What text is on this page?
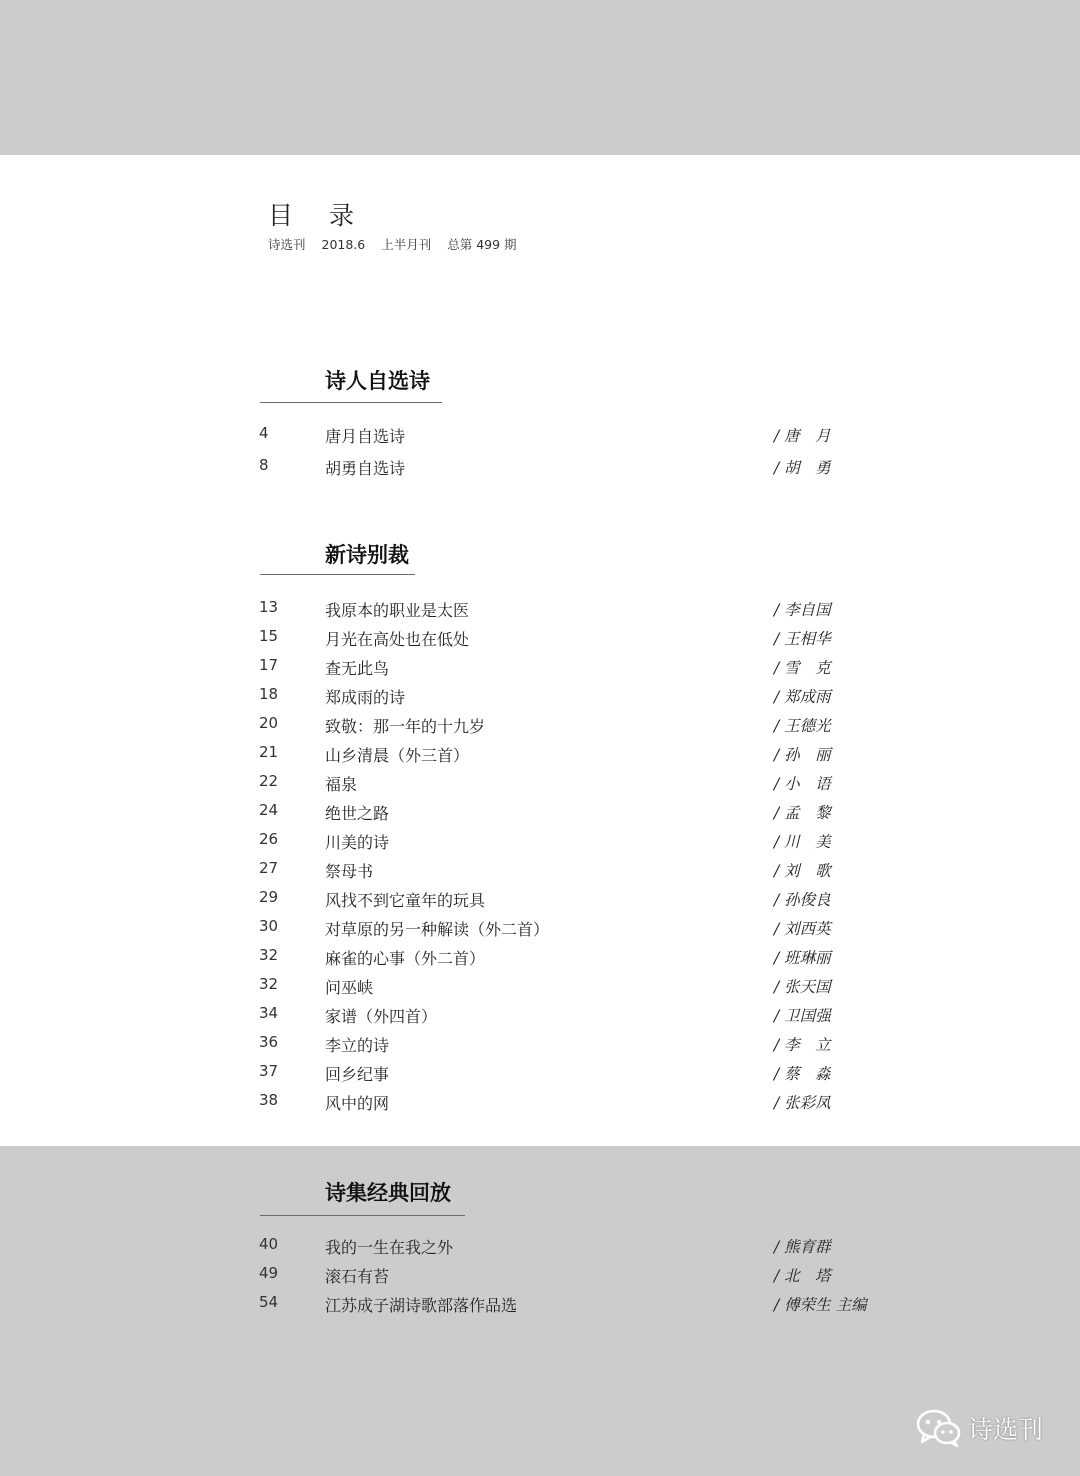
目 录
诗选刊 2018.6 上半月刊 总第 499 期
诗人自选诗
4	唐月自选诗	/ 唐　月
8	胡勇自选诗	/ 胡　勇
新诗别裁
13	我原本的职业是太医	/ 李自国
15	月光在高处也在低处	/ 王相华
17	查无此鸟	/ 雪　克
18	郑成雨的诗	/ 郑成雨
20	致敬：那一年的十九岁	/ 王德光
21	山乡清晨（外三首）	/ 孙　丽
22	福泉	/ 小　语
24	绝世之路	/ 孟　黎
26	川美的诗	/ 川　美
27	祭母书	/ 刘　歌
29	风找不到它童年的玩具	/ 孙俊良
30	对草原的另一种解读（外二首）	/ 刘西英
32	麻雀的心事（外二首）	/ 班琳丽
32	问巫峡	/ 张天国
34	家谱（外四首）	/ 卫国强
36	李立的诗	/ 李　立
37	回乡纪事	/ 蔡　淼
38	风中的网	/ 张彩凤
诗集经典回放
40	我的一生在我之外	/ 熊育群
49	滚石有苔	/ 北　塔
54	江苏成子湖诗歌部落作品选	/ 傅荣生 主编
诗选刊
